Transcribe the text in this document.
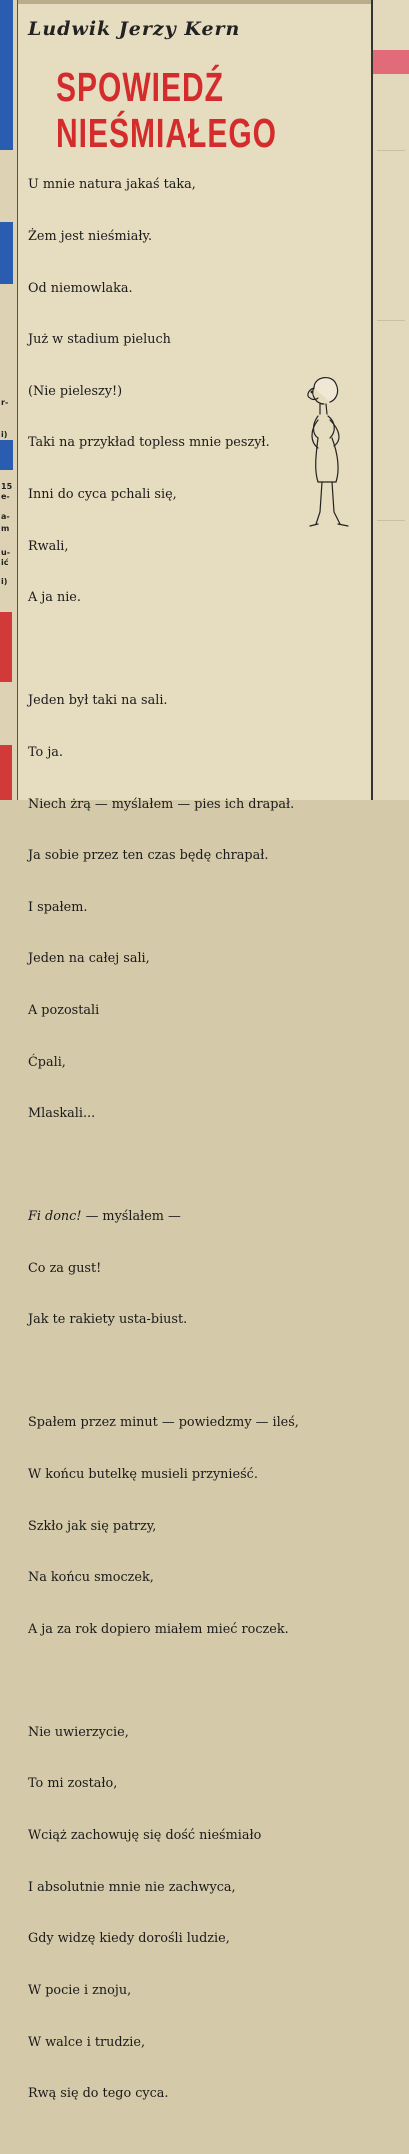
r-
i)
15
e-
a-
m
u-
ić
i)
Ludwik Jerzy Kern
SPOWIEDŹ NIEŚMIAŁEGO

U mnie natura jakaś taka,

Żem jest nieśmiały.

Od niemowlaka.

Już w stadium pieluch

(Nie pieleszy!)

Taki na przykład topless mnie peszył.

Inni do cyca pchali się,

Rwali,

A ja nie.

Jeden był taki na sali.

To ja.

Niech żrą — myślałem — pies ich drapał.

Ja sobie przez ten czas będę chrapał.

I spałem.

Jeden na całej sali,

A pozostali

Ćpali,

Mlaskali...

Fi donc! — myślałem —

Co za gust!

Jak te rakiety usta-biust.

Spałem przez minut — powiedzmy — ileś,

W końcu butelkę musieli przynieść.

Szkło jak się patrzy,

Na końcu smoczek,

A ja za rok dopiero miałem mieć roczek.

Nie uwierzycie,

To mi zostało,

Wciąż zachowuję się dość nieśmiało

I absolutnie mnie nie zachwyca,

Gdy widzę kiedy dorośli ludzie,

W pocie i znoju,

W walce i trudzie,

Rwą się do tego cyca.
